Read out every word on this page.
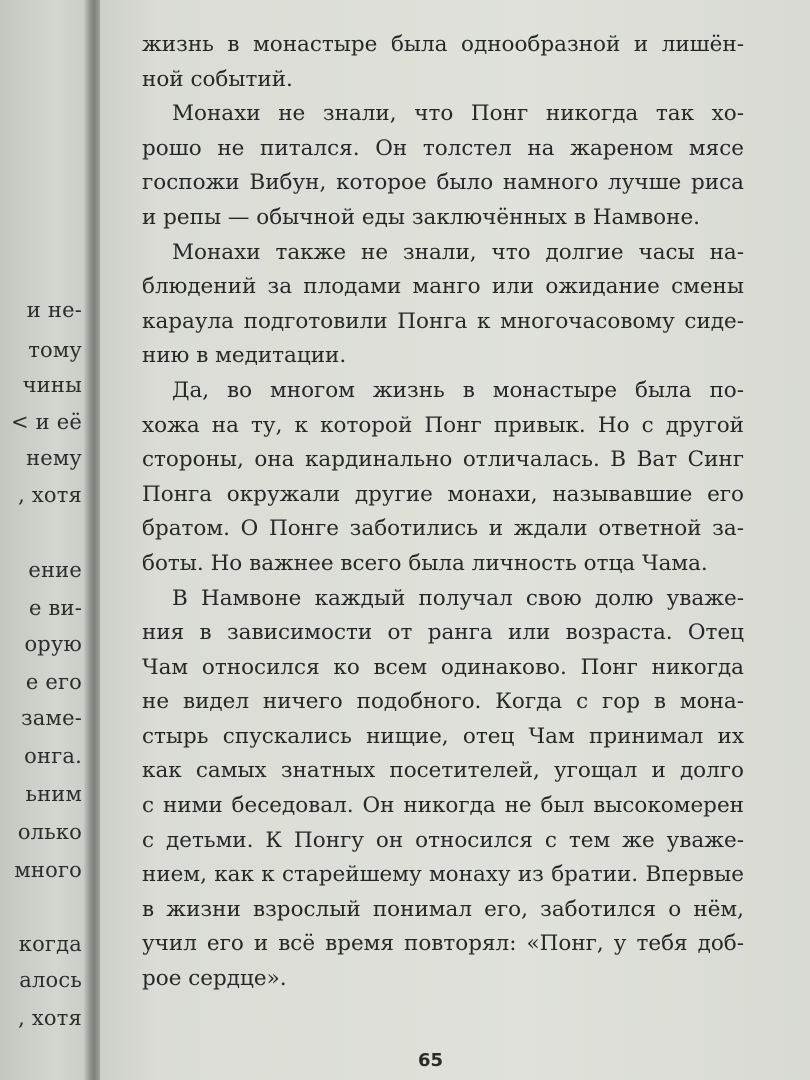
и не-
тому
чины
< и её
нему
, хотя
ение
е ви-
орую
е его
заме-
онга.
ьним
олько
много
когда
алось
, хотя
жизнь в монастыре была однообразной и лишён-
ной событий.
Монахи не знали, что Понг никогда так хо-
рошо не питался. Он толстел на жареном мясе
госпожи Вибун, которое было намного лучше риса
и репы — обычной еды заключённых в Намвоне.
Монахи также не знали, что долгие часы на-
блюдений за плодами манго или ожидание смены
караула подготовили Понга к многочасовому сиде-
нию в медитации.
Да, во многом жизнь в монастыре была по-
хожа на ту, к которой Понг привык. Но с другой
стороны, она кардинально отличалась. В Ват Синг
Понга окружали другие монахи, называвшие его
братом. О Понге заботились и ждали ответной за-
боты. Но важнее всего была личность отца Чама.
В Намвоне каждый получал свою долю уваже-
ния в зависимости от ранга или возраста. Отец
Чам относился ко всем одинаково. Понг никогда
не видел ничего подобного. Когда с гор в мона-
стырь спускались нищие, отец Чам принимал их
как самых знатных посетителей, угощал и долго
с ними беседовал. Он никогда не был высокомерен
с детьми. К Понгу он относился с тем же уваже-
нием, как к старейшему монаху из братии. Впервые
в жизни взрослый понимал его, заботился о нём,
учил его и всё время повторял: «Понг, у тебя доб-
рое сердце».
65
